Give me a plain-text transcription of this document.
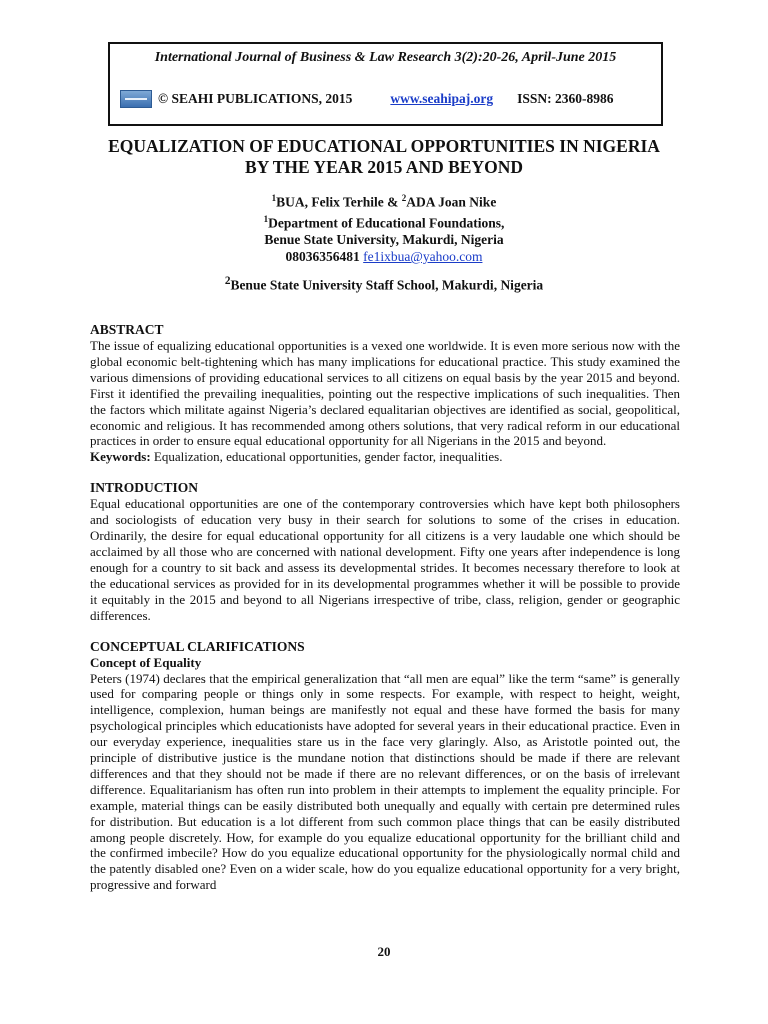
International Journal of Business & Law Research 3(2):20-26, April-June 2015
© SEAHI PUBLICATIONS, 2015	www.seahipaj.org ISSN: 2360-8986
EQUALIZATION OF EDUCATIONAL OPPORTUNITIES IN NIGERIA
BY THE YEAR 2015 AND BEYOND
$^1$BUA, Felix Terhile & $^2$ADA Joan Nike
$^1$Department of Educational Foundations,
Benue State University, Makurdi, Nigeria
08036356481 fe1ixbua@yahoo.com
$^2$Benue State University Staff School, Makurdi, Nigeria
ABSTRACT

The issue of equalizing educational opportunities is a vexed one worldwide. It is even more serious now with the global economic belt-tightening which has many implications for educational practice. This study examined the various dimensions of providing educational services to all citizens on equal basis by the year 2015 and beyond. First it identified the prevailing inequalities, pointing out the respective implications of such inequalities. Then the factors which militate against Nigeria’s declared equalitarian objectives are identified as social, geopolitical, economic and religious. It has recommended among others solutions, that very radical reform in our educational practices in order to ensure equal educational opportunity for all Nigerians in the 2015 and beyond.

Keywords: Equalization, educational opportunities, gender factor, inequalities.

INTRODUCTION

Equal educational opportunities are one of the contemporary controversies which have kept both philosophers and sociologists of education very busy in their search for solutions to some of the crises in education. Ordinarily, the desire for equal educational opportunity for all citizens is a very laudable one which should be acclaimed by all those who are concerned with national development. Fifty one years after independence is long enough for a country to sit back and assess its developmental strides. It becomes necessary therefore to look at the educational services as provided for in its developmental programmes whether it will be possible to provide it equitably in the 2015 and beyond to all Nigerians irrespective of tribe, class, religion, gender or geographic differences.

CONCEPTUAL CLARIFICATIONS
Concept of Equality

Peters (1974) declares that the empirical generalization that “all men are equal” like the term “same” is generally used for comparing people or things only in some respects. For example, with respect to height, weight, intelligence, complexion, human beings are manifestly not equal and these have formed the basis for many psychological principles which educationists have adopted for several years in their educational practice. Even in our everyday experience, inequalities stare us in the face very glaringly. Also, as Aristotle pointed out, the principle of distributive justice is the mundane notion that distinctions should be made if there are relevant differences and that they should not be made if there are no relevant differences, or on the basis of irrelevant difference. Equalitarianism has often run into problem in their attempts to implement the equality principle. For example, material things can be easily distributed both unequally and equally with certain pre determined rules for distribution. But education is a lot different from such common place things that can be easily distributed among people discretely. How, for example do you equalize educational opportunity for the brilliant child and the confirmed imbecile? How do you equalize educational opportunity for the physiologically normal child and the patently disabled one? Even on a wider scale, how do you equalize educational opportunity for a very bright, progressive and forward

20
